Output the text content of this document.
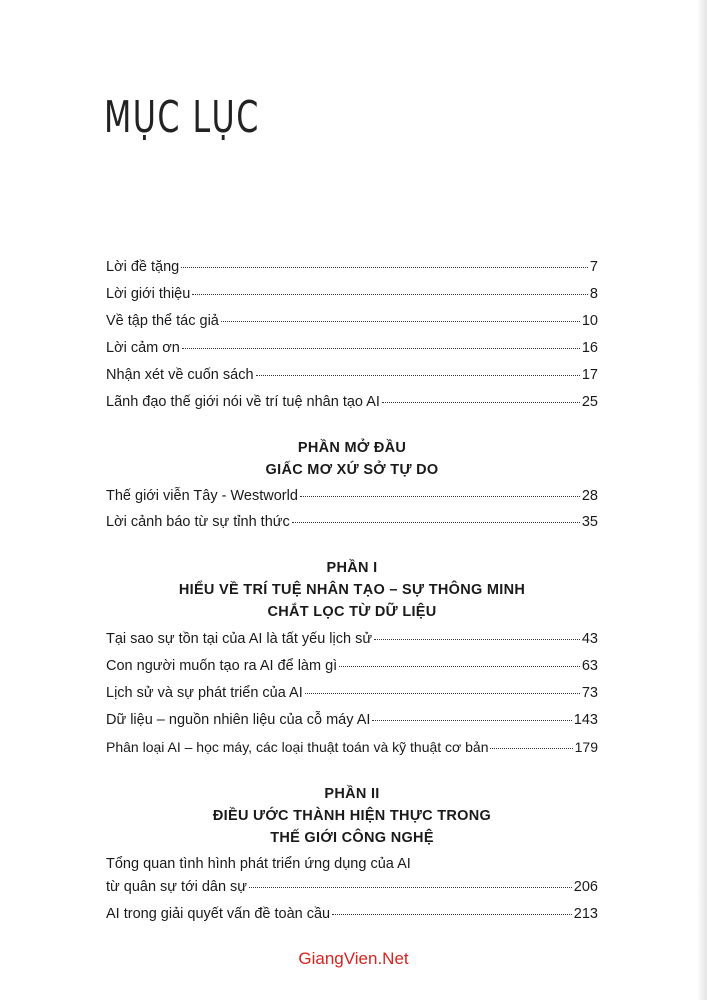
MỤC LỤC
Lời đề tặng	7
Lời giới thiệu	8
Về tập thể tác giả	10
Lời cảm ơn	16
Nhận xét về cuốn sách	17
Lãnh đạo thế giới nói về trí tuệ nhân tạo AI	25
PHẦN MỞ ĐẦU
GIẤC MƠ XỨ SỞ TỰ DO
Thế giới viễn Tây - Westworld	28
Lời cảnh báo từ sự tỉnh thức	35
PHẦN I
HIỂU VỀ TRÍ TUỆ NHÂN TẠO – SỰ THÔNG MINH
CHẮT LỌC TỪ DỮ LIỆU
Tại sao sự tồn tại của AI là tất yếu lịch sử	43
Con người muốn tạo ra AI để làm gì	63
Lịch sử và sự phát triển của AI	73
Dữ liệu – nguồn nhiên liệu của cỗ máy AI	143
Phân loại AI – học máy, các loại thuật toán và kỹ thuật cơ bản	179
PHẦN II
ĐIỀU ƯỚC THÀNH HIỆN THỰC TRONG
THẾ GIỚI CÔNG NGHỆ
Tổng quan tình hình phát triển ứng dụng của AI
từ quân sự tới dân sự	206
AI trong giải quyết vấn đề toàn cầu	213
GiangVien.Net
